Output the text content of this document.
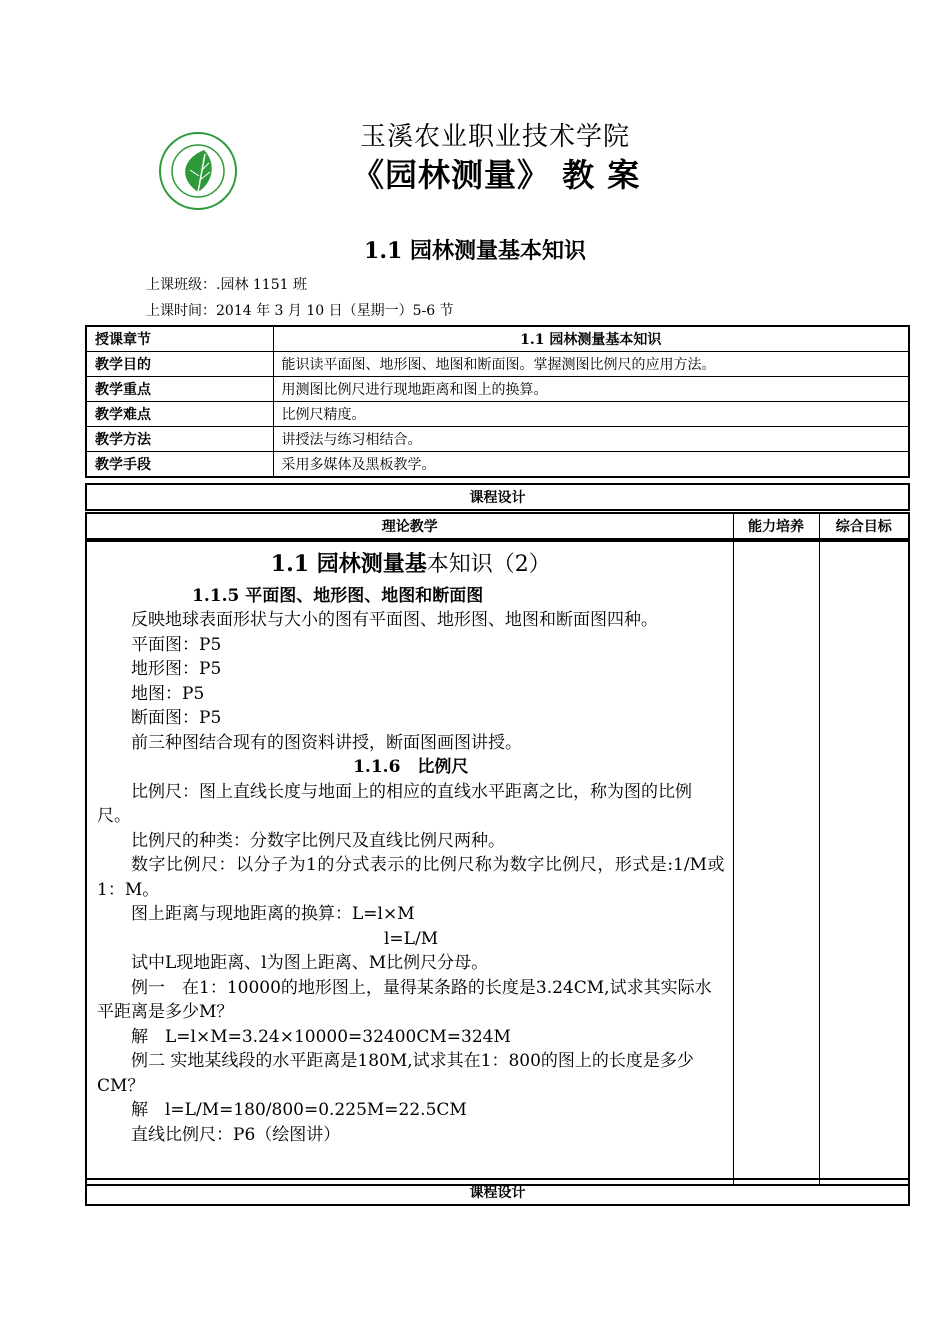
玉溪农业职业技术学院
《园林测量》 教 案
1.1 园林测量基本知识
上课班级：.园林 1151 班
上课时间：2014 年 3 月 10 日（星期一）5-6 节
授课章节	1.1 园林测量基本知识
教学目的	能识读平面图、地形图、地图和断面图。掌握测图比例尺的应用方法。
教学重点	用测图比例尺进行现地距离和图上的换算。
教学难点	比例尺精度。
教学方法	讲授法与练习相结合。
教学手段	采用多媒体及黑板教学。
课程设计
理论教学	能力培养	综合目标

1.1 园林测量基本知识（2）

1.1.5 平面图、地形图、地图和断面图

反映地球表面形状与大小的图有平面图、地形图、地图和断面图四种。

平面图：P5

地形图：P5

地图：P5

断面图：P5

前三种图结合现有的图资料讲授，断面图画图讲授。

1.1.6　比例尺

比例尺：图上直线长度与地面上的相应的直线水平距离之比，称为图的比例尺。

比例尺的种类：分数字比例尺及直线比例尺两种。

数字比例尺：以分子为1的分式表示的比例尺称为数字比例尺，形式是:1/M或1：M。

图上距离与现地距离的换算：L=l×M

l=L/M

试中L现地距离、l为图上距离、M比例尺分母。

例一　在1：10000的地形图上，量得某条路的长度是3.24CM,试求其实际水平距离是多少M？

解　L=l×M=3.24×10000=32400CM=324M

例二 实地某线段的水平距离是180M,试求其在1：800的图上的长度是多少CM？

解　l=L/M=180/800=0.225M=22.5CM

直线比例尺：P6（绘图讲）

课程设计
